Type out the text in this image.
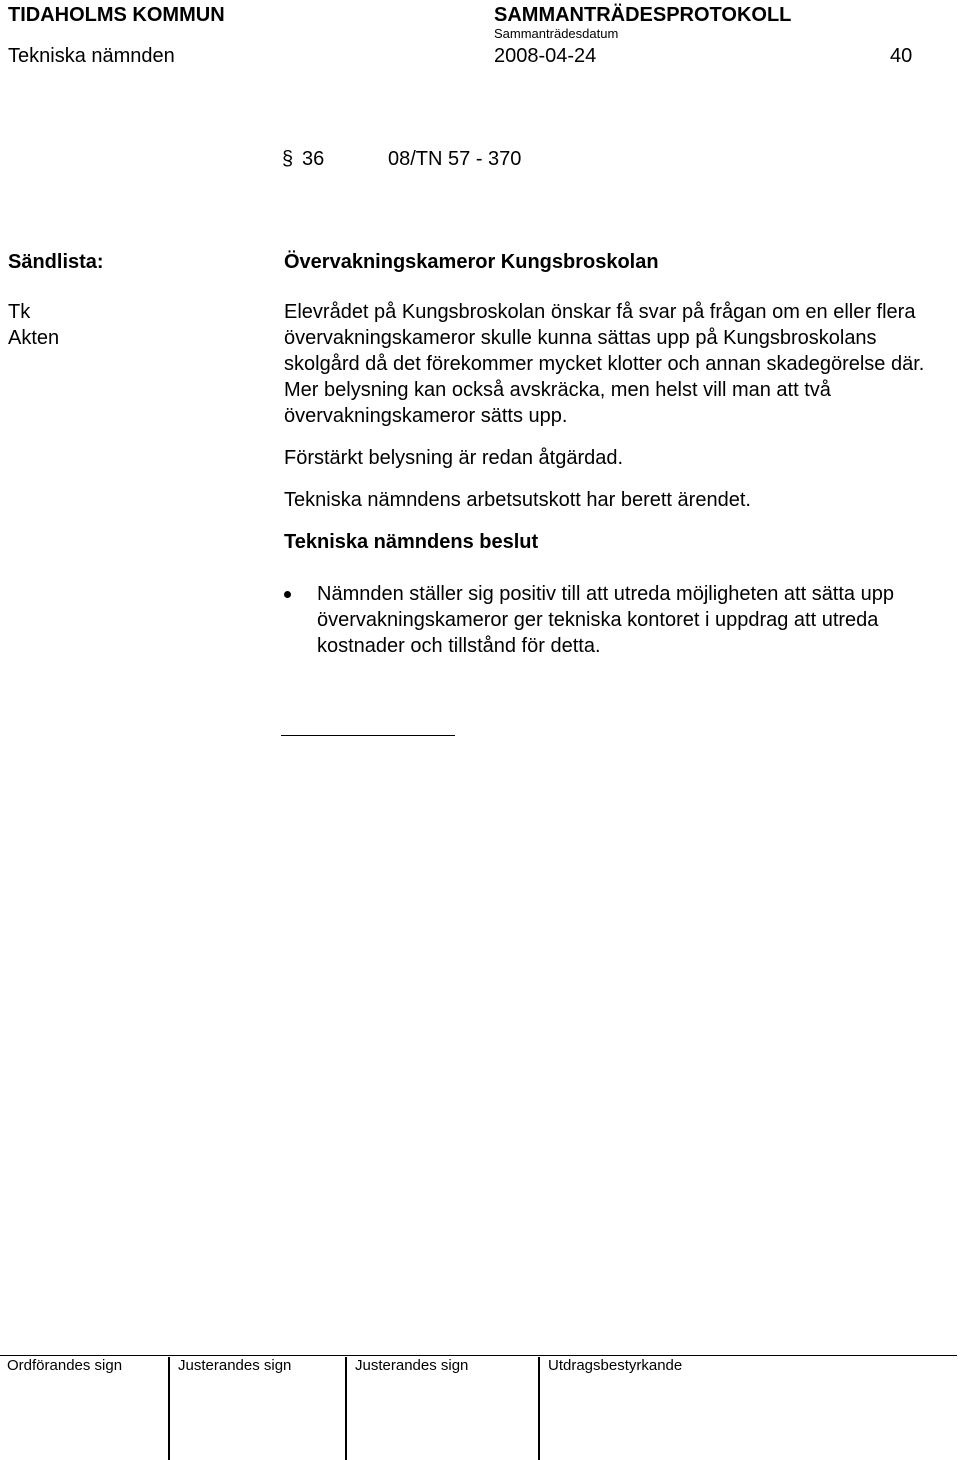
TIDAHOLMS KOMMUN	SAMMANTRÄDESPROTOKOLL
Sammanträdesdatum
Tekniska nämnden	2008-04-24	40
§ 36	08/TN 57 - 370
Sändlista:
Tk
Akten
Övervakningskameror Kungsbroskolan

Elevrådet på Kungsbroskolan önskar få svar på frågan om en eller flera övervakningskameror skulle kunna sättas upp på Kungsbroskolans skolgård då det förekommer mycket klotter och annan skadegörelse där. Mer belysning kan också avskräcka, men helst vill man att två övervakningskameror sätts upp.

Förstärkt belysning är redan åtgärdad.

Tekniska nämndens arbetsutskott har berett ärendet.

Tekniska nämndens beslut

Nämnden ställer sig positiv till att utreda möjligheten att sätta upp övervakningskameror ger tekniska kontoret i uppdrag att utreda kostnader och tillstånd för detta.
Ordförandes sign	Justerandes sign	Justerandes sign	Utdragsbestyrkande
